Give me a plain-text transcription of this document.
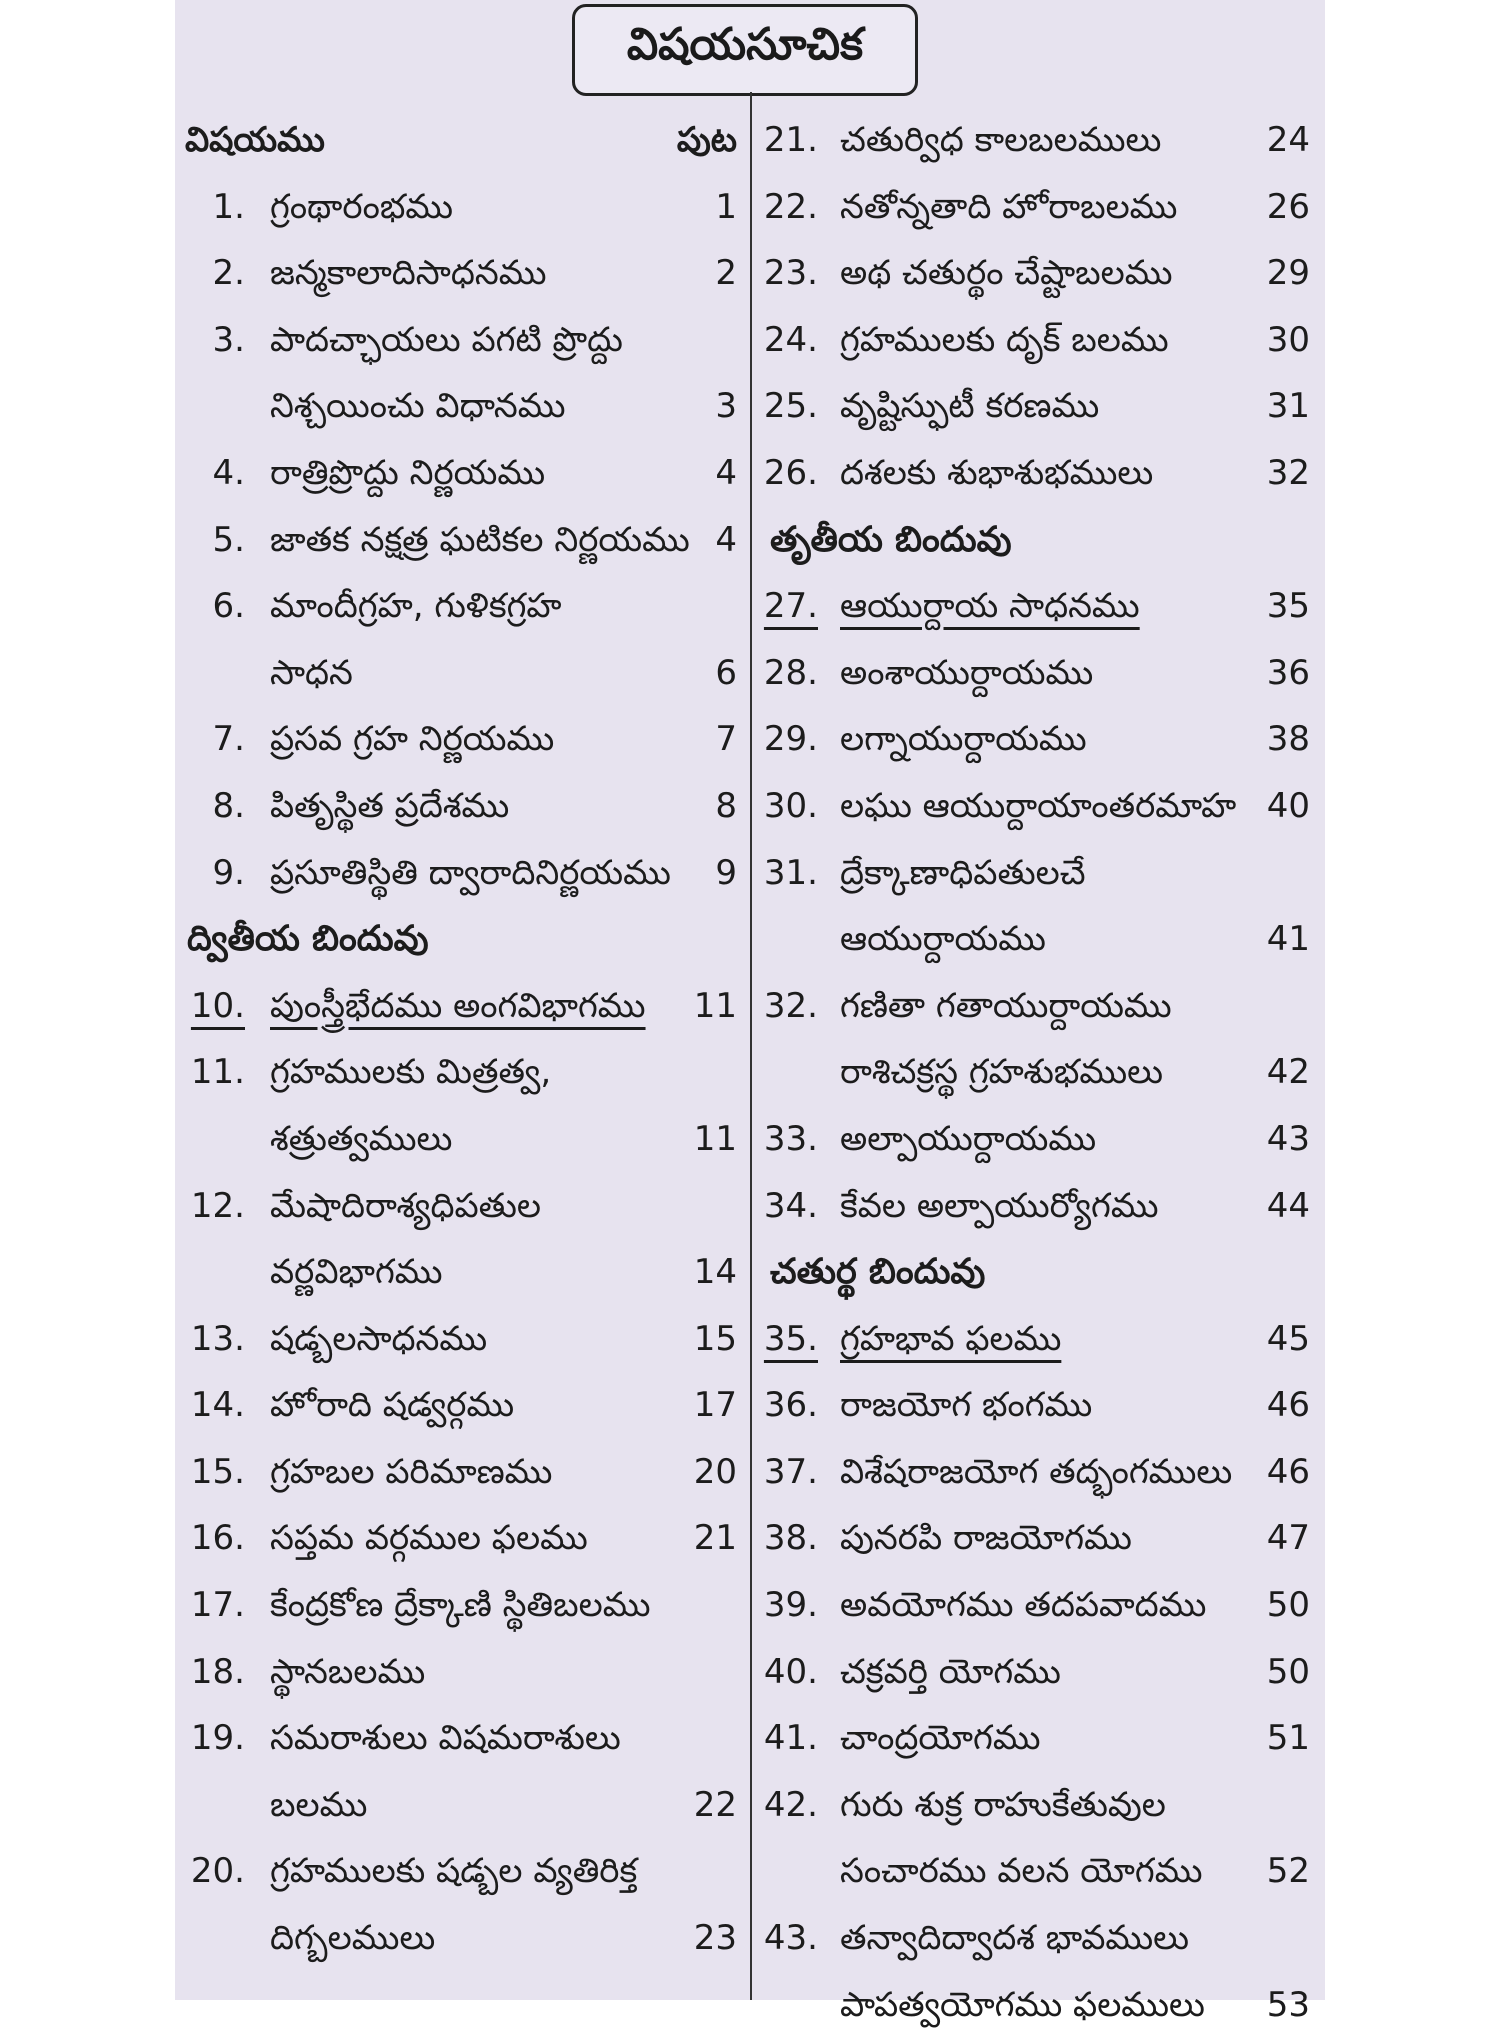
విషయసూచిక
విషయము	పుట
1. గ్రంథారంభము	1
2. జన్మకాలాదిసాధనము	2
3. పాదచ్ఛాయలు పగటి ప్రొద్దు
నిశ్చయించు విధానము	3
4. రాత్రిప్రొద్దు నిర్ణయము	4
5. జాతక నక్షత్ర ఘటికల నిర్ణయము 4
6. మాందీగ్రహ, గుళికగ్రహ
సాధన	6
7. ప్రసవ గ్రహ నిర్ణయము	7
8. పితృస్థిత ప్రదేశము	8
9. ప్రసూతిస్థితి ద్వారాదినిర్ణయము 9
ద్వితీయ బిందువు
10. పుంస్త్రీభేదము అంగవిభాగము 11
11. గ్రహములకు మిత్రత్వ,
శత్రుత్వములు	11
12. మేషాదిరాశ్యధిపతుల
వర్ణవిభాగము	14
13. షడ్బలసాధనము	15
14. హోరాది షడ్వర్గము	17
15. గ్రహబల పరిమాణము	20
16. సప్తమ వర్గముల ఫలము	21
17. కేంద్రకోణ ద్రేక్కాణి స్థితిబలము
18. స్థానబలము
19. సమరాశులు విషమరాశులు
బలము	22
20. గ్రహములకు షడ్బల వ్యతిరిక్త
దిగ్బలములు	23
21. చతుర్విధ కాలబలములు	24
22. నతోన్నతాది హోరాబలము	26
23. అథ చతుర్థం చేష్టాబలము	29
24. గ్రహములకు దృక్ బలము	30
25. వృష్టిస్ఫుటీ కరణము	31
26. దశలకు శుభాశుభములు	32
తృతీయ బిందువు
27. ఆయుర్దాయ సాధనము	35
28. అంశాయుర్దాయము	36
29. లగ్నాయుర్దాయము	38
30. లఘు ఆయుర్దాయాంతరమాహ 40
31. ద్రేక్కాణాధిపతులచే
ఆయుర్దాయము	41
32. గణితా గతాయుర్దాయము
రాశిచక్రస్థ గ్రహశుభములు	42
33. అల్పాయుర్దాయము	43
34. కేవల అల్పాయుర్యోగము	44
చతుర్థ బిందువు
35. గ్రహభావ ఫలము	45
36. రాజయోగ భంగము	46
37. విశేషరాజయోగ తద్భంగములు 46
38. పునరపి రాజయోగము	47
39. అవయోగము తదపవాదము 50
40. చక్రవర్తి యోగము	50
41. చాంద్రయోగము	51
42. గురు శుక్ర రాహుకేతువుల
సంచారము వలన యోగము 52
43. తన్వాదిద్వాదశ భావములు
పాపత్వయోగము ఫలములు 53
